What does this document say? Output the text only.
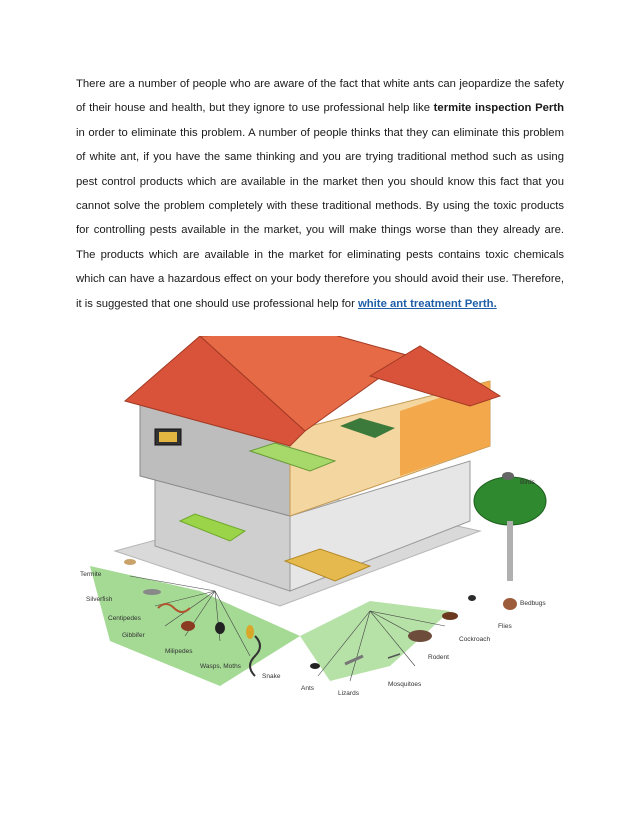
There are a number of people who are aware of the fact that white ants can jeopardize the safety of their house and health, but they ignore to use professional help like termite inspection Perth in order to eliminate this problem. A number of people thinks that they can eliminate this problem of white ant, if you have the same thinking and you are trying traditional method such as using pest control products which are available in the market then you should know this fact that you cannot solve the problem completely with these traditional methods. By using the toxic products for controlling pests available in the market, you will make things worse than they already are. The products which are available in the market for eliminating pests contains toxic chemicals which can have a hazardous effect on your body therefore you should avoid their use. Therefore, it is suggested that one should use professional help for white ant treatment Perth.

Termite
Silverfish
Centipedes
Gibbifer
Milipedes
Wasps, Moths
Snake
Ants
Lizards
Mosquitoes
Rodent
Cockroach
Flies
Bedbugs
Birds
